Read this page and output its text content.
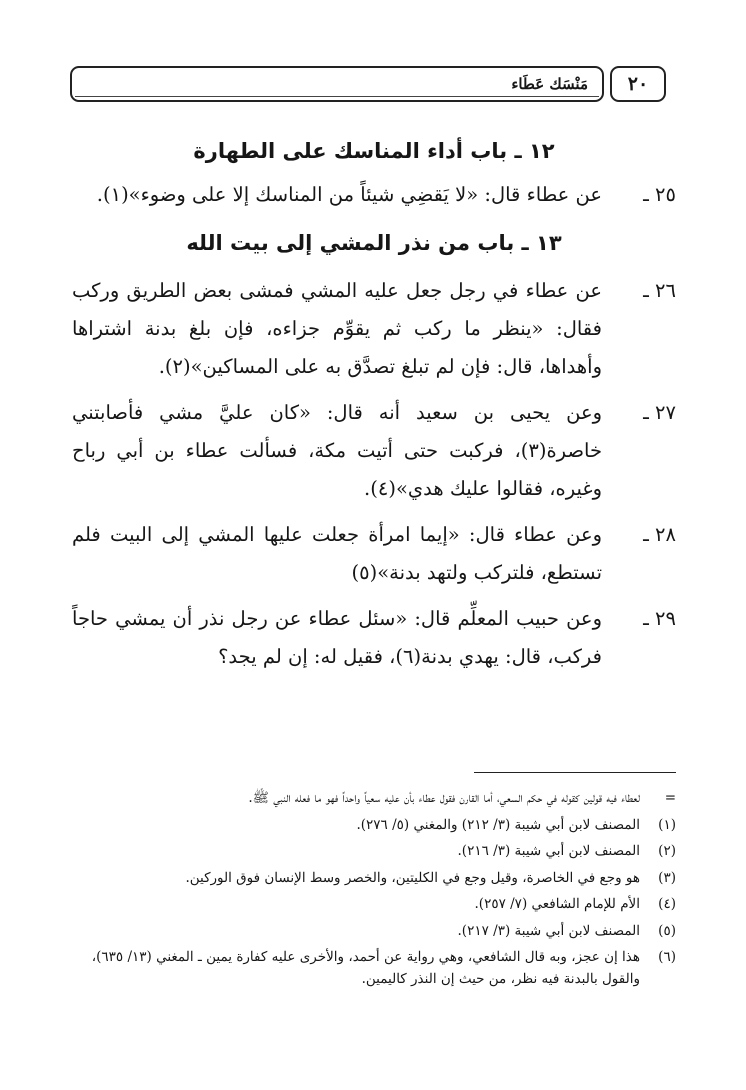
٢٠
مَنْسَك عَطَاء
١٢ ـ باب أداء المناسك على الطهارة
٢٥ ـ
عن عطاء قال: «لا يَقضِي شيئاً من المناسك إلا على وضوء»(١).
١٣ ـ باب من نذر المشي إلى بيت الله
٢٦ ـ
عن عطاء في رجل جعل عليه المشي فمشى بعض الطريق وركب فقال: «ينظر ما ركب ثم يقوِّم جزاءه، فإن بلغ بدنة اشتراها وأهداها، قال: فإن لم تبلغ تصدَّق به على المساكين»(٢).
٢٧ ـ
وعن يحيى بن سعيد أنه قال: «كان عليَّ مشي فأصابتني خاصرة(٣)، فركبت حتى أتيت مكة، فسألت عطاء بن أبي رباح وغيره، فقالوا عليك هدي»(٤).
٢٨ ـ
وعن عطاء قال: «إيما امرأة جعلت عليها المشي إلى البيت فلم تستطع، فلتركب ولتهد بدنة»(٥)
٢٩ ـ
وعن حبيب المعلِّم قال: «سئل عطاء عن رجل نذر أن يمشي حاجاً فركب، قال: يهدي بدنة(٦)، فقيل له: إن لم يجد؟
=
لعطاء فيه قولين كقوله في حكم السعي، أما القارن فقول عطاء بأن عليه سعياً واحداً فهو ما فعله النبي ﷺ.
(١)
المصنف لابن أبي شيبة (٣/ ٢١٢) والمغني (٥/ ٢٧٦).
(٢)
المصنف لابن أبي شيبة (٣/ ٢١٦).
(٣)
هو وجع في الخاصرة، وقيل وجع في الكليتين، والخصر وسط الإنسان فوق الوركين.
(٤)
الأم للإمام الشافعي (٧/ ٢٥٧).
(٥)
المصنف لابن أبي شيبة (٣/ ٢١٧).
(٦)
هذا إن عجز، وبه قال الشافعي، وهي رواية عن أحمد، والأخرى عليه كفارة يمين ـ المغني (١٣/ ٦٣٥)، والقول بالبدنة فيه نظر، من حيث إن النذر كاليمين.
